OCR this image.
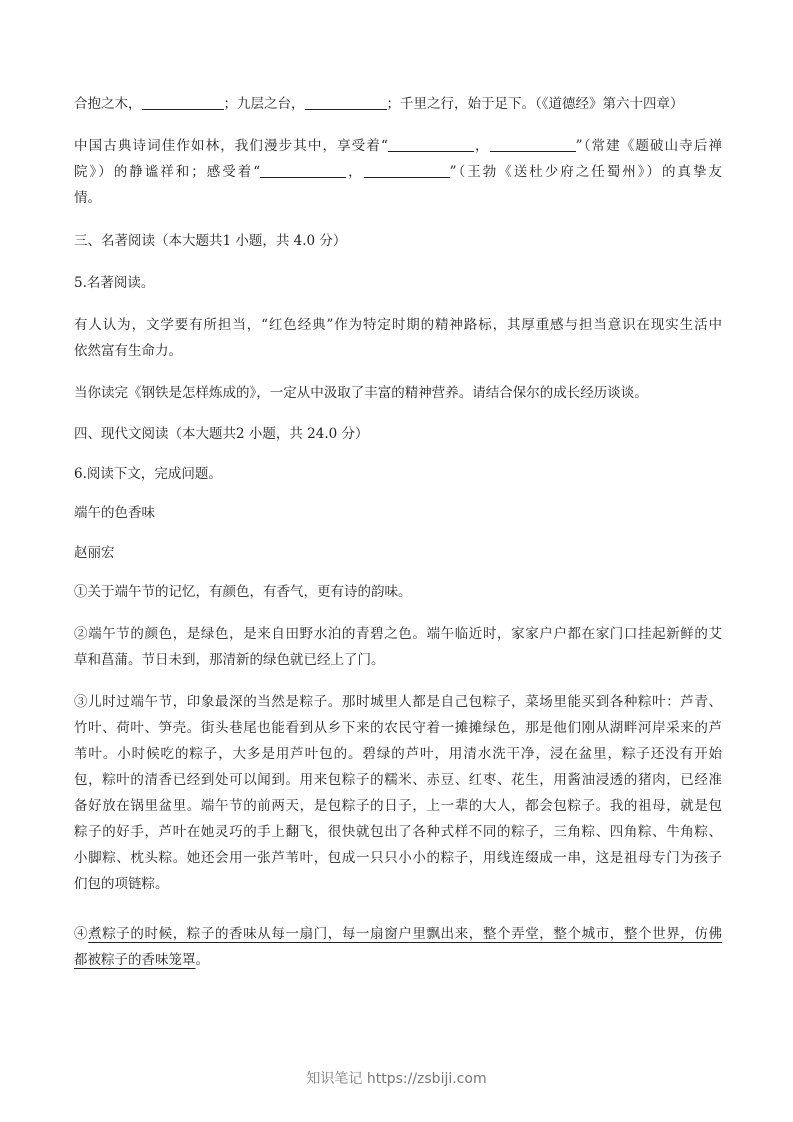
合抱之木，	；九层之台，	；千里之行，始于足下。（《道德经》第六十四章）
中国古典诗词佳作如林，我们漫步其中，享受着“	，	”（常建《题破山寺后禅
院》）的静谧祥和；感受着“	，	”（王勃《送杜少府之任蜀州》）的真挚友
情。
三、名著阅读（本大题共1 小题，共 4.0 分）
5.名著阅读。
有人认为，文学要有所担当，“红色经典”作为特定时期的精神路标，其厚重感与担当意识在现实生活中
依然富有生命力。
当你读完《钢铁是怎样炼成的》，一定从中汲取了丰富的精神营养。请结合保尔的成长经历谈谈。
四、现代文阅读（本大题共2 小题，共 24.0 分）
6.阅读下文，完成问题。
端午的色香味
赵丽宏
①关于端午节的记忆，有颜色，有香气，更有诗的韵味。
②端午节的颜色，是绿色，是来自田野水泊的青碧之色。端午临近时，家家户户都在家门口挂起新鲜的艾
草和菖蒲。节日未到，那清新的绿色就已经上了门。
③儿时过端午节，印象最深的当然是粽子。那时城里人都是自己包粽子，菜场里能买到各种粽叶：芦青、
竹叶、荷叶、笋壳。街头巷尾也能看到从乡下来的农民守着一摊摊绿色，那是他们刚从湖畔河岸采来的芦
苇叶。小时候吃的粽子，大多是用芦叶包的。碧绿的芦叶，用清水洗干净，浸在盆里，粽子还没有开始
包，粽叶的清香已经到处可以闻到。用来包粽子的糯米、赤豆、红枣、花生，用酱油浸透的猪肉，已经准
备好放在锅里盆里。端午节的前两天，是包粽子的日子，上一辈的大人，都会包粽子。我的祖母，就是包
粽子的好手，芦叶在她灵巧的手上翻飞，很快就包出了各种式样不同的粽子，三角粽、四角粽、牛角粽、
小脚粽、枕头粽。她还会用一张芦苇叶，包成一只只小小的粽子，用线连缀成一串，这是祖母专门为孩子
们包的项链粽。
④煮粽子的时候，粽子的香味从每一扇门，每一扇窗户里飘出来，整个弄堂，整个城市，整个世界，仿佛
都被粽子的香味笼罩。
知识笔记 https://zsbiji.com
